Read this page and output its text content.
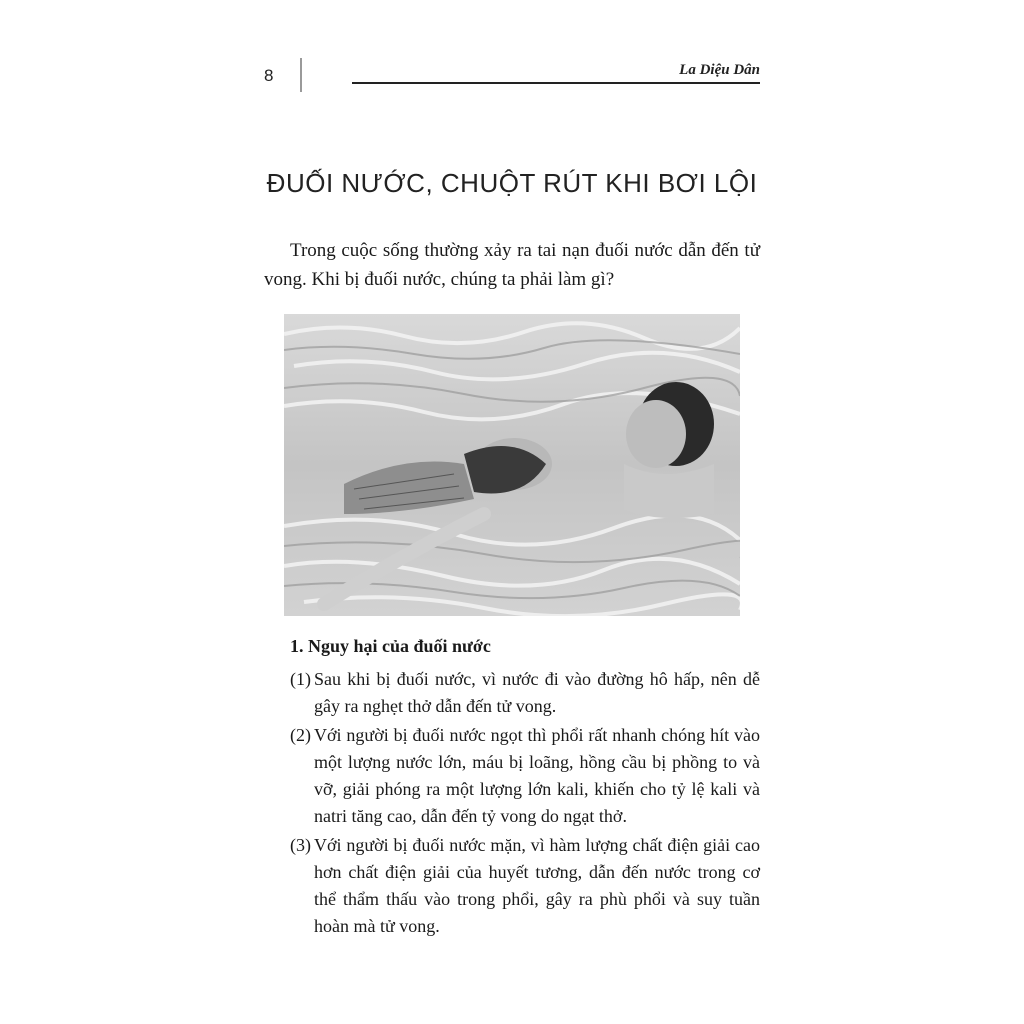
8	La Diệu Dân
ĐUỐI NƯỚC, CHUỘT RÚT KHI BƠI LỘI

Trong cuộc sống thường xảy ra tai nạn đuối nước dẫn đến tử vong. Khi bị đuối nước, chúng ta phải làm gì?

1. Nguy hại của đuối nước
(1) Sau khi bị đuối nước, vì nước đi vào đường hô hấp, nên dễ gây ra nghẹt thở dẫn đến tử vong.
(2) Với người bị đuối nước ngọt thì phổi rất nhanh chóng hít vào một lượng nước lớn, máu bị loãng, hồng cầu bị phồng to và vỡ, giải phóng ra một lượng lớn kali, khiến cho tỷ lệ kali và natri tăng cao, dẫn đến tỷ vong do ngạt thở.
(3) Với người bị đuối nước mặn, vì hàm lượng chất điện giải cao hơn chất điện giải của huyết tương, dẫn đến nước trong cơ thể thẩm thấu vào trong phổi, gây ra phù phổi và suy tuần hoàn mà tử vong.
